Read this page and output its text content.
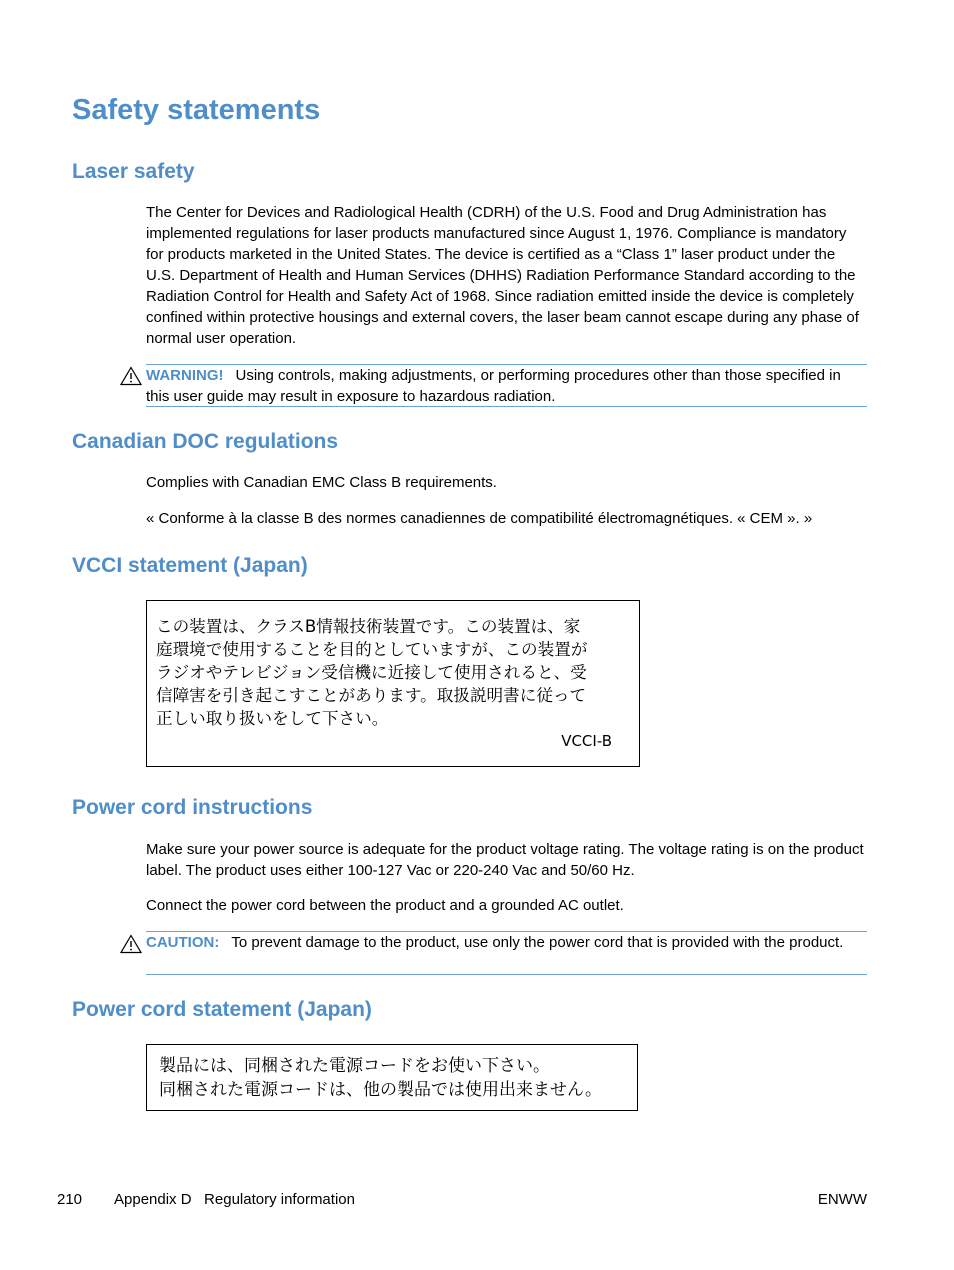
Safety statements
Laser safety

The Center for Devices and Radiological Health (CDRH) of the U.S. Food and Drug Administration has implemented regulations for laser products manufactured since August 1, 1976. Compliance is mandatory for products marketed in the United States. The device is certified as a “Class 1” laser product under the U.S. Department of Health and Human Services (DHHS) Radiation Performance Standard according to the Radiation Control for Health and Safety Act of 1968. Since radiation emitted inside the device is completely confined within protective housings and external covers, the laser beam cannot escape during any phase of normal user operation.

WARNING! Using controls, making adjustments, or performing procedures other than those specified in this user guide may result in exposure to hazardous radiation.
Canadian DOC regulations

Complies with Canadian EMC Class B requirements.

« Conforme à la classe B des normes canadiennes de compatibilité électromagnétiques. « CEM ». »

VCCI statement (Japan)
この装置は、クラスB情報技術装置です。この装置は、家
庭環境で使用することを目的としていますが、この装置が
ラジオやテレビジョン受信機に近接して使用されると、受
信障害を引き起こすことがあります。取扱説明書に従って
正しい取り扱いをして下さい。
VCCI-B
Power cord instructions

Make sure your power source is adequate for the product voltage rating. The voltage rating is on the product label. The product uses either 100-127 Vac or 220-240 Vac and 50/60 Hz.

Connect the power cord between the product and a grounded AC outlet.

CAUTION: To prevent damage to the product, use only the power cord that is provided with the product.
Power cord statement (Japan)
製品には、同梱された電源コードをお使い下さい。
同梱された電源コードは、他の製品では使用出来ません。
210 Appendix D   Regulatory information	ENWW
